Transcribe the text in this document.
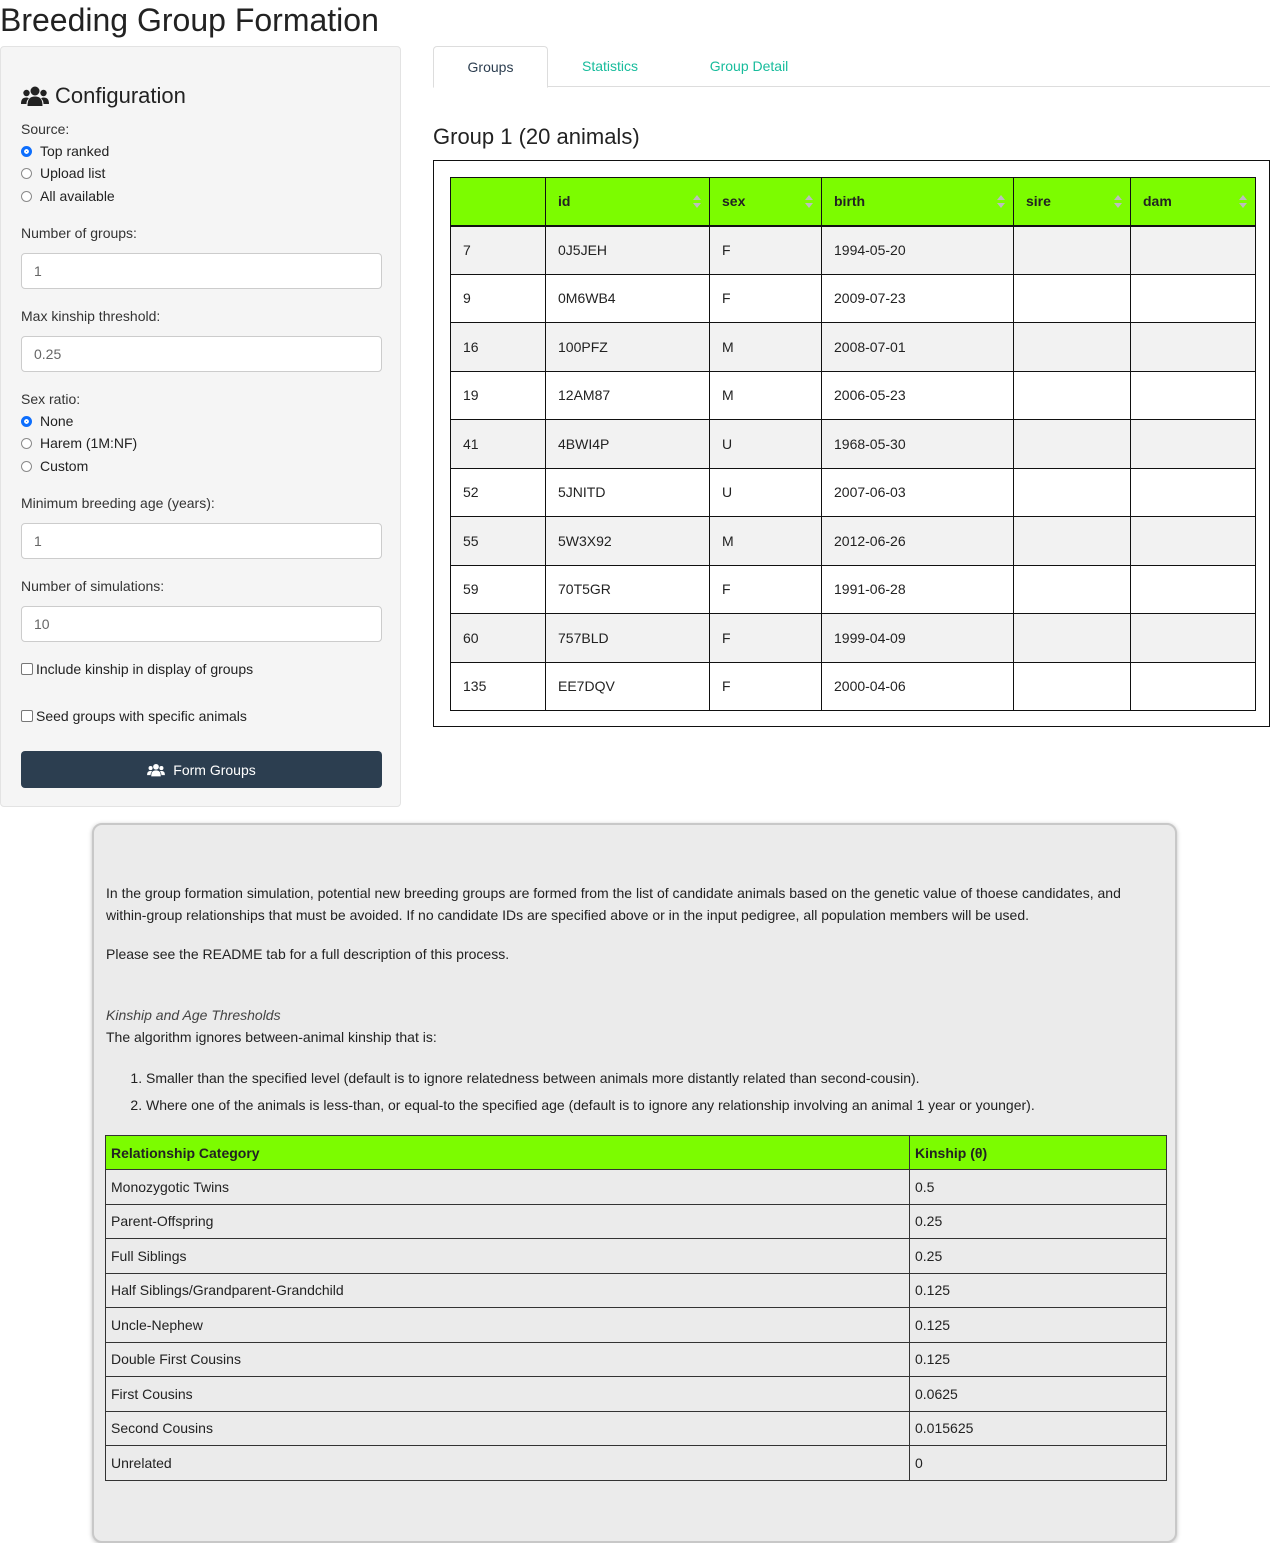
Breeding Group Formation
Configuration
Source:
Top ranked
Upload list
All available
Number of groups:
1
Max kinship threshold:
0.25
Sex ratio:
None
Harem (1M:NF)
Custom
Minimum breeding age (years):
1
Number of simulations:
10
Include kinship in display of groups
Seed groups with specific animals
Form Groups
Groups	Statistics	Group Detail
Group 1 (20 animals)
	id	sex	birth	sire	dam

7	0J5JEH	F	1994-05-20		
9	0M6WB4	F	2009-07-23		
16	100PFZ	M	2008-07-01		
19	12AM87	M	2006-05-23		
41	4BWI4P	U	1968-05-30		
52	5JNITD	U	2007-06-03		
55	5W3X92	M	2012-06-26		
59	70T5GR	F	1991-06-28		
60	757BLD	F	1999-04-09		
135	EE7DQV	F	2000-04-06		

In the group formation simulation, potential new breeding groups are formed from the list of candidate animals based on the genetic value of thoese candidates, and within-group relationships that must be avoided. If no candidate IDs are specified above or in the input pedigree, all population members will be used.

Please see the README tab for a full description of this process.

Kinship and Age Thresholds

The algorithm ignores between-animal kinship that is:

1. Smaller than the specified level (default is to ignore relatedness between animals more distantly related than second-cousin).
2. Where one of the animals is less-than, or equal-to the specified age (default is to ignore any relationship involving an animal 1 year or younger).
Relationship Category	Kinship (θ)
Monozygotic Twins	0.5
Parent-Offspring	0.25
Full Siblings	0.25
Half Siblings/Grandparent-Grandchild	0.125
Uncle-Nephew	0.125
Double First Cousins	0.125
First Cousins	0.0625
Second Cousins	0.015625
Unrelated	0
